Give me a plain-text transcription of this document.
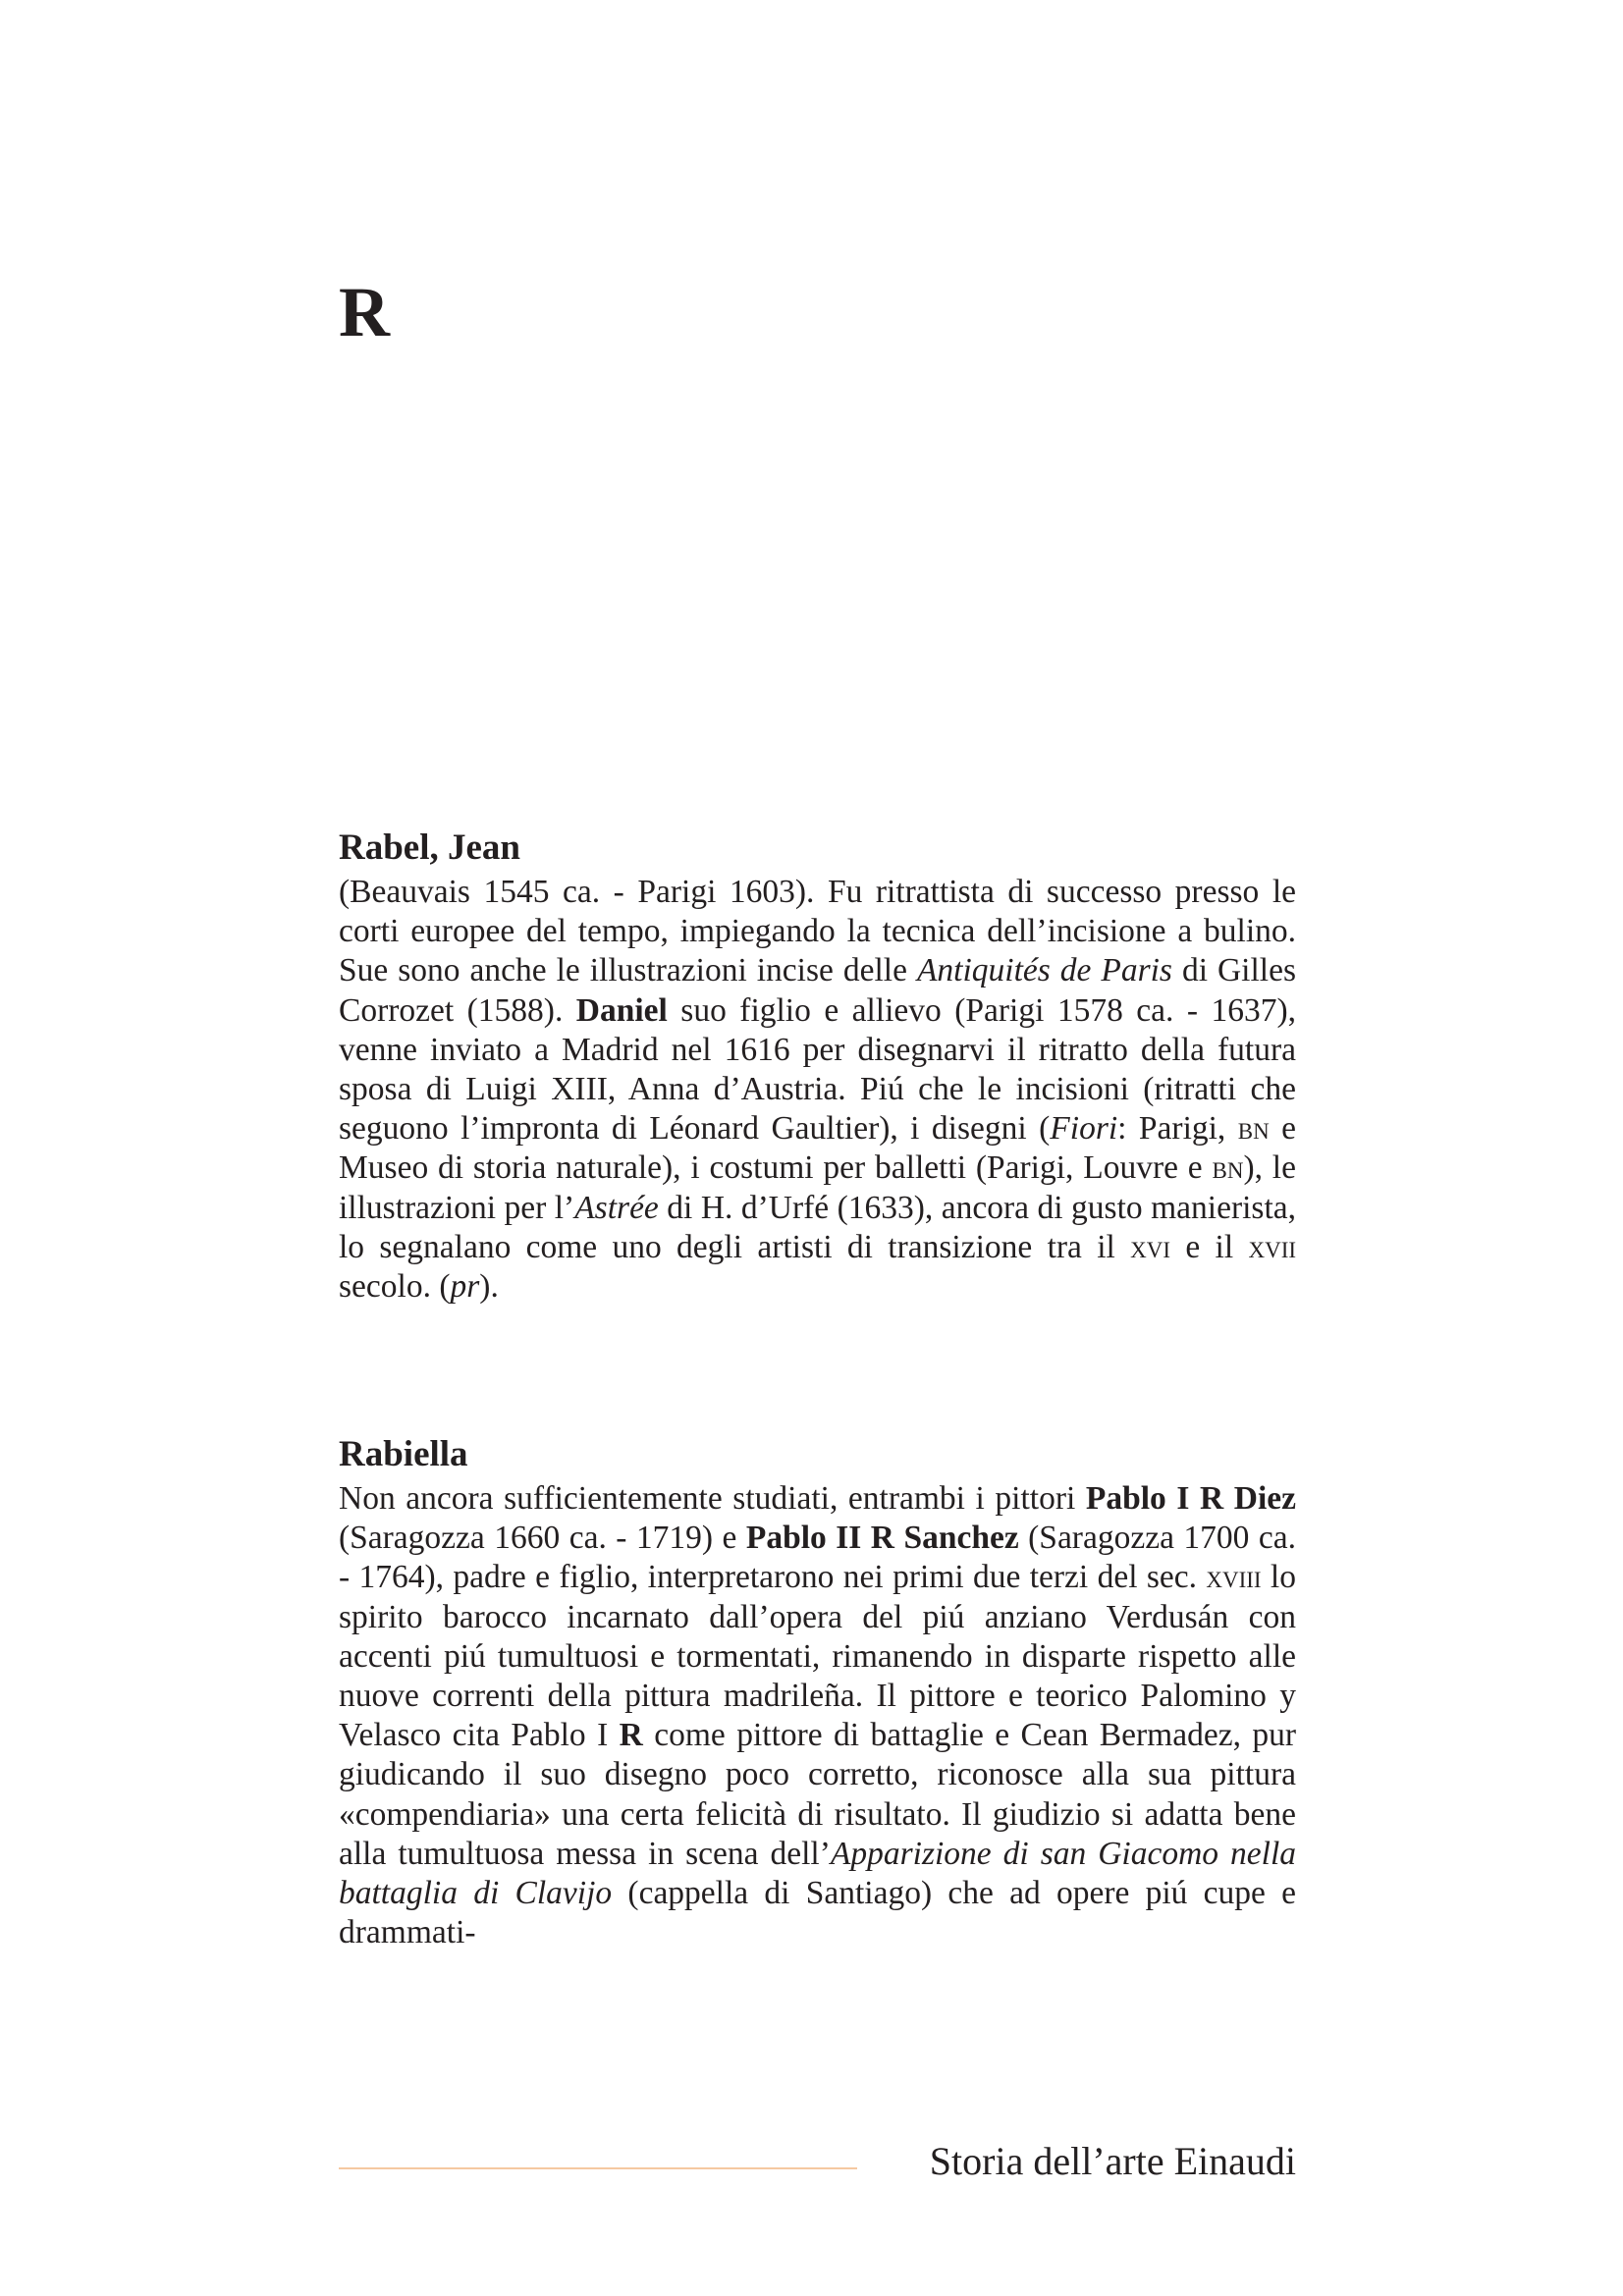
R
Rabel, Jean

(Beauvais 1545 ca. - Parigi 1603). Fu ritrattista di successo presso le corti europee del tempo, impiegando la tecnica dell’incisione a bulino. Sue sono anche le illustrazioni incise delle Antiquités de Paris di Gilles Corrozet (1588). Daniel suo figlio e allievo (Parigi 1578 ca. - 1637), venne inviato a Madrid nel 1616 per disegnarvi il ritratto della futura sposa di Luigi XIII, Anna d’Austria. Piú che le incisioni (ritratti che seguono l’impronta di Léonard Gaultier), i disegni (Fiori: Parigi, bn e Museo di storia naturale), i costumi per balletti (Parigi, Louvre e bn), le illustrazioni per l’Astrée di H. d’Urfé (1633), ancora di gusto manierista, lo segnalano come uno degli artisti di transizione tra il xvi e il xvii secolo. (pr).

Rabiella

Non ancora sufficientemente studiati, entrambi i pittori Pablo I R Diez (Saragozza 1660 ca. - 1719) e Pablo II R Sanchez (Saragozza 1700 ca. - 1764), padre e figlio, interpretarono nei primi due terzi del sec. xviii lo spirito barocco incarnato dall’opera del piú anziano Verdusán con accenti piú tumultuosi e tormentati, rimanendo in disparte rispetto alle nuove correnti della pittura madrileña. Il pittore e teorico Palomino y Velasco cita Pablo I R come pittore di battaglie e Cean Bermadez, pur giudicando il suo disegno poco corretto, riconosce alla sua pittura «compendiaria» una certa felicità di risultato. Il giudizio si adatta bene alla tumultuosa messa in scena dell’Apparizione di san Giacomo nella battaglia di Clavijo (cappella di Santiago) che ad opere piú cupe e drammati-

Storia dell’arte Einaudi
